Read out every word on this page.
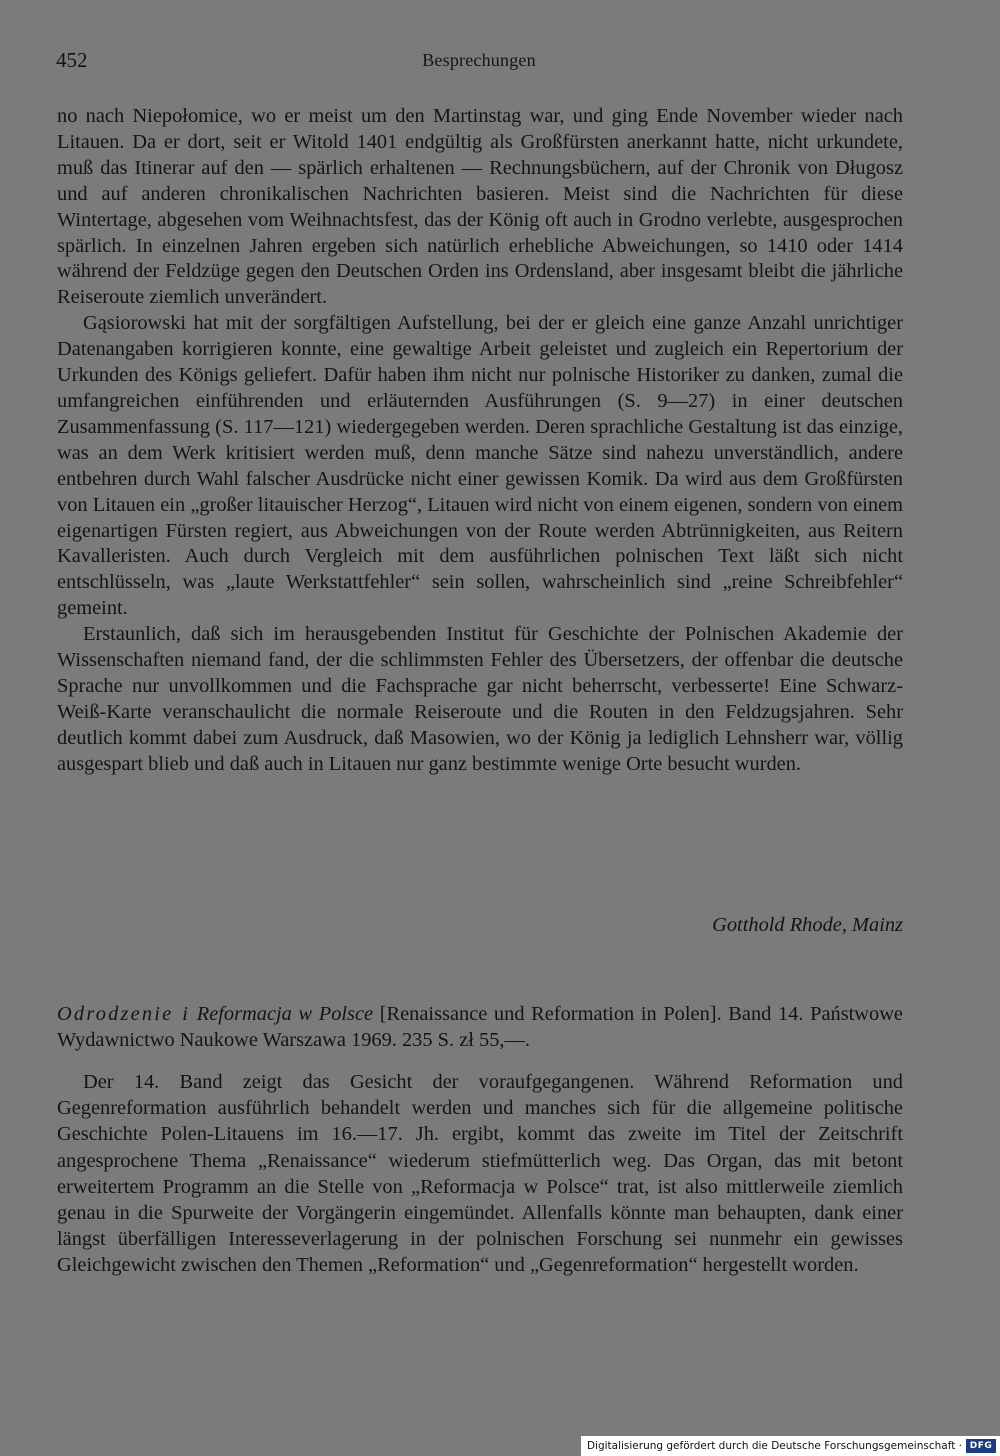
452	Besprechungen

no nach Niepołomice, wo er meist um den Martinstag war, und ging Ende November wieder nach Litauen. Da er dort, seit er Witold 1401 endgültig als Großfürsten anerkannt hatte, nicht urkundete, muß das Itinerar auf den — spärlich erhaltenen — Rechnungsbüchern, auf der Chronik von Długosz und auf anderen chronikalischen Nachrichten basieren. Meist sind die Nachrichten für diese Wintertage, abgesehen vom Weihnachtsfest, das der König oft auch in Grodno verlebte, ausgesprochen spärlich. In einzelnen Jahren ergeben sich natürlich erhebliche Abweichungen, so 1410 oder 1414 während der Feldzüge gegen den Deutschen Orden ins Ordensland, aber insgesamt bleibt die jährliche Reiseroute ziemlich unverändert.

Gąsiorowski hat mit der sorgfältigen Aufstellung, bei der er gleich eine ganze Anzahl unrichtiger Datenangaben korrigieren konnte, eine gewaltige Arbeit geleistet und zugleich ein Repertorium der Urkunden des Königs geliefert. Dafür haben ihm nicht nur polnische Historiker zu danken, zumal die umfangreichen einführenden und erläuternden Ausführungen (S. 9—27) in einer deutschen Zusammenfassung (S. 117—121) wiedergegeben werden. Deren sprachliche Gestaltung ist das einzige, was an dem Werk kritisiert werden muß, denn manche Sätze sind nahezu unverständlich, andere entbehren durch Wahl falscher Ausdrücke nicht einer gewissen Komik. Da wird aus dem Großfürsten von Litauen ein „großer litauischer Herzog“, Litauen wird nicht von einem eigenen, sondern von einem eigenartigen Fürsten regiert, aus Abweichungen von der Route werden Abtrünnigkeiten, aus Reitern Kavalleristen. Auch durch Vergleich mit dem ausführlichen polnischen Text läßt sich nicht entschlüsseln, was „laute Werkstattfehler“ sein sollen, wahrscheinlich sind „reine Schreibfehler“ gemeint.

Erstaunlich, daß sich im herausgebenden Institut für Geschichte der Polnischen Akademie der Wissenschaften niemand fand, der die schlimmsten Fehler des Übersetzers, der offenbar die deutsche Sprache nur unvollkommen und die Fachsprache gar nicht beherrscht, verbesserte! Eine Schwarz-Weiß-Karte veranschaulicht die normale Reiseroute und die Routen in den Feldzugsjahren. Sehr deutlich kommt dabei zum Ausdruck, daß Masowien, wo der König ja lediglich Lehnsherr war, völlig ausgespart blieb und daß auch in Litauen nur ganz bestimmte wenige Orte besucht wurden.

Gotthold Rhode, Mainz

Odrodzenie i Reformacja w Polsce [Renaissance und Reformation in Polen]. Band 14. Państwowe Wydawnictwo Naukowe Warszawa 1969. 235 S. zł 55,—.

Der 14. Band zeigt das Gesicht der voraufgegangenen. Während Reformation und Gegenreformation ausführlich behandelt werden und manches sich für die allgemeine politische Geschichte Polen-Litauens im 16.—17. Jh. ergibt, kommt das zweite im Titel der Zeitschrift angesprochene Thema „Renaissance“ wiederum stiefmütterlich weg. Das Organ, das mit betont erweitertem Programm an die Stelle von „Reformacja w Polsce“ trat, ist also mittlerweile ziemlich genau in die Spurweite der Vorgängerin eingemündet. Allenfalls könnte man behaupten, dank einer längst überfälligen Interesseverlagerung in der polnischen Forschung sei nunmehr ein gewisses Gleichgewicht zwischen den Themen „Reformation“ und „Gegenreformation“ hergestellt worden.

Digitalisierung gefördert durch die Deutsche Forschungsgemeinschaft · DFG
